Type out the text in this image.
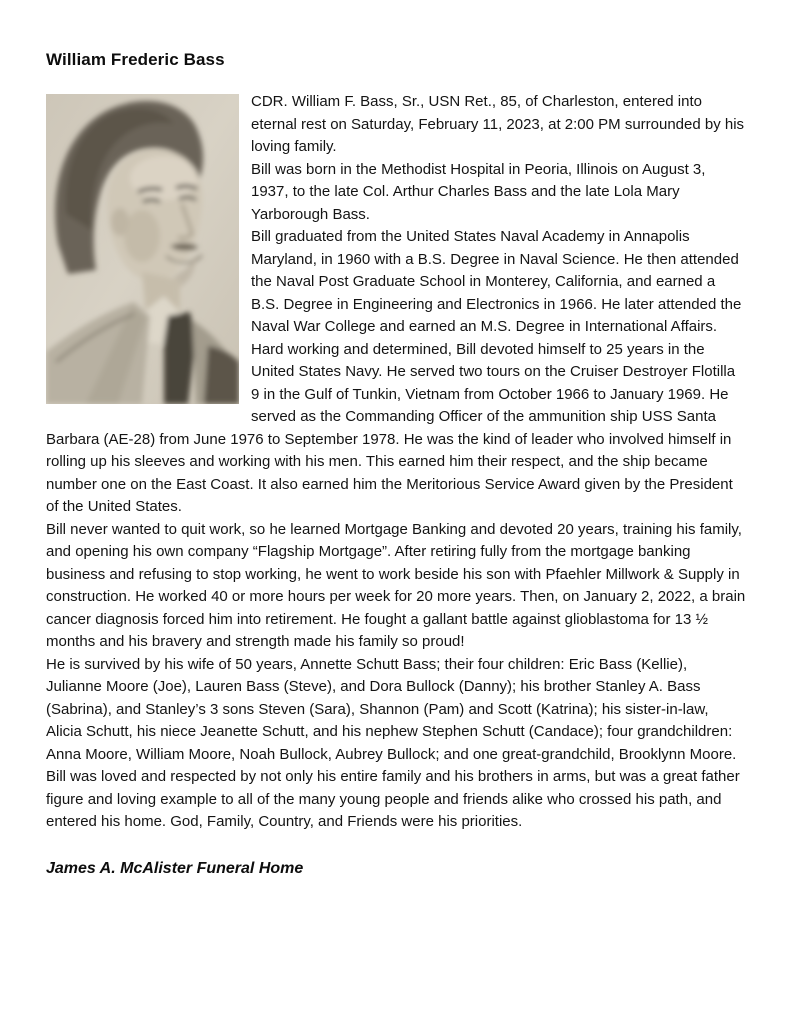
William Frederic Bass

CDR. William F. Bass, Sr., USN Ret., 85, of Charleston, entered into eternal rest on Saturday, February 11, 2023, at 2:00 PM surrounded by his loving family.

Bill was born in the Methodist Hospital in Peoria, Illinois on August 3, 1937, to the late Col. Arthur Charles Bass and the late Lola Mary Yarborough Bass.

Bill graduated from the United States Naval Academy in Annapolis Maryland, in 1960 with a B.S. Degree in Naval Science. He then attended the Naval Post Graduate School in Monterey, California, and earned a B.S. Degree in Engineering and Electronics in 1966. He later attended the Naval War College and earned an M.S. Degree in International Affairs.

Hard working and determined, Bill devoted himself to 25 years in the United States Navy. He served two tours on the Cruiser Destroyer Flotilla 9 in the Gulf of Tunkin, Vietnam from October 1966 to January 1969. He served as the Commanding Officer of the ammunition ship USS Santa Barbara (AE-28) from June 1976 to September 1978. He was the kind of leader who involved himself in rolling up his sleeves and working with his men. This earned him their respect, and the ship became number one on the East Coast. It also earned him the Meritorious Service Award given by the President of the United States.

Bill never wanted to quit work, so he learned Mortgage Banking and devoted 20 years, training his family, and opening his own company “Flagship Mortgage”. After retiring fully from the mortgage banking business and refusing to stop working, he went to work beside his son with Pfaehler Millwork & Supply in construction. He worked 40 or more hours per week for 20 more years. Then, on January 2, 2022, a brain cancer diagnosis forced him into retirement. He fought a gallant battle against glioblastoma for 13 ½ months and his bravery and strength made his family so proud!

He is survived by his wife of 50 years, Annette Schutt Bass; their four children: Eric Bass (Kellie), Julianne Moore (Joe), Lauren Bass (Steve), and Dora Bullock (Danny); his brother Stanley A. Bass (Sabrina), and Stanley’s 3 sons Steven (Sara), Shannon (Pam) and Scott (Katrina); his sister-in-law, Alicia Schutt, his niece Jeanette Schutt, and his nephew Stephen Schutt (Candace); four grandchildren: Anna Moore, William Moore, Noah Bullock, Aubrey Bullock; and one great-grandchild, Brooklynn Moore.

Bill was loved and respected by not only his entire family and his brothers in arms, but was a great father figure and loving example to all of the many young people and friends alike who crossed his path, and entered his home. God, Family, Country, and Friends were his priorities.

James A. McAlister Funeral Home
